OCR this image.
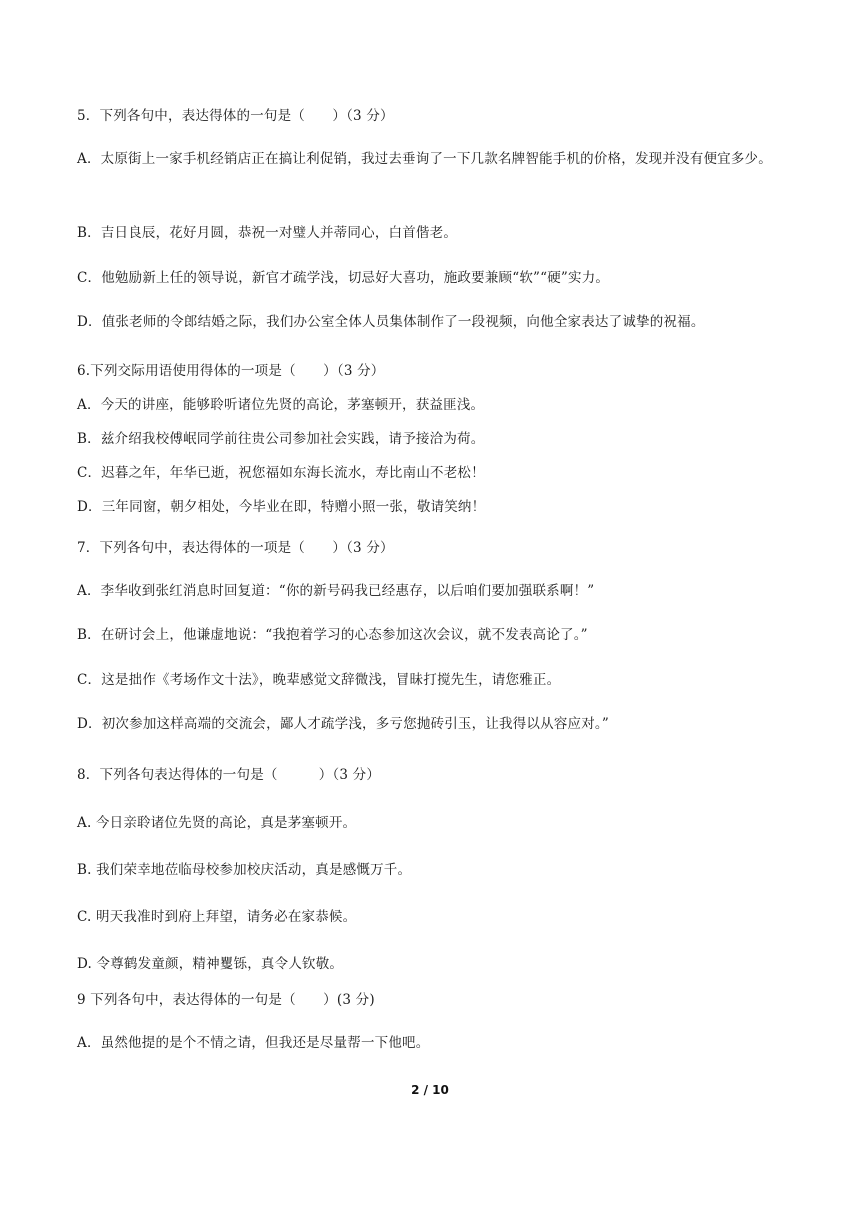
5．下列各句中，表达得体的一句是（　　）（3 分）
A．太原街上一家手机经销店正在搞让利促销，我过去垂询了一下几款名牌智能手机的价格，发现并没有便宜多少。
B．吉日良辰，花好月圆，恭祝一对璧人并蒂同心，白首偕老。
C．他勉励新上任的领导说，新官才疏学浅，切忌好大喜功，施政要兼顾“软”“硬”实力。
D．值张老师的令郎结婚之际，我们办公室全体人员集体制作了一段视频，向他全家表达了诚挚的祝福。
6.下列交际用语使用得体的一项是（　　）（3 分）
A．今天的讲座，能够聆听诸位先贤的高论，茅塞顿开，获益匪浅。
B．兹介绍我校傅岷同学前往贵公司参加社会实践，请予接洽为荷。
C．迟暮之年，年华已逝，祝您福如东海长流水，寿比南山不老松！
D．三年同窗，朝夕相处，今毕业在即，特赠小照一张，敬请笑纳！
7．下列各句中，表达得体的一项是（　　）（3 分）
A．李华收到张红消息时回复道：“你的新号码我已经惠存，以后咱们要加强联系啊！”
B．在研讨会上，他谦虚地说：“我抱着学习的心态参加这次会议，就不发表高论了。”
C．这是拙作《考场作文十法》，晚辈感觉文辞微浅，冒昧打搅先生，请您雅正。
D．初次参加这样高端的交流会，鄙人才疏学浅，多亏您抛砖引玉，让我得以从容应对。”
8．下列各句表达得体的一句是（　　　）（3 分）
A. 今日亲聆诸位先贤的高论，真是茅塞顿开。
B. 我们荣幸地莅临母校参加校庆活动，真是感慨万千。
C. 明天我准时到府上拜望，请务必在家恭候。
D. 令尊鹤发童颜，精神矍铄，真令人钦敬。
9 下列各句中，表达得体的一句是（　　）(3 分)
A．虽然他提的是个不情之请，但我还是尽量帮一下他吧。
2 / 10
